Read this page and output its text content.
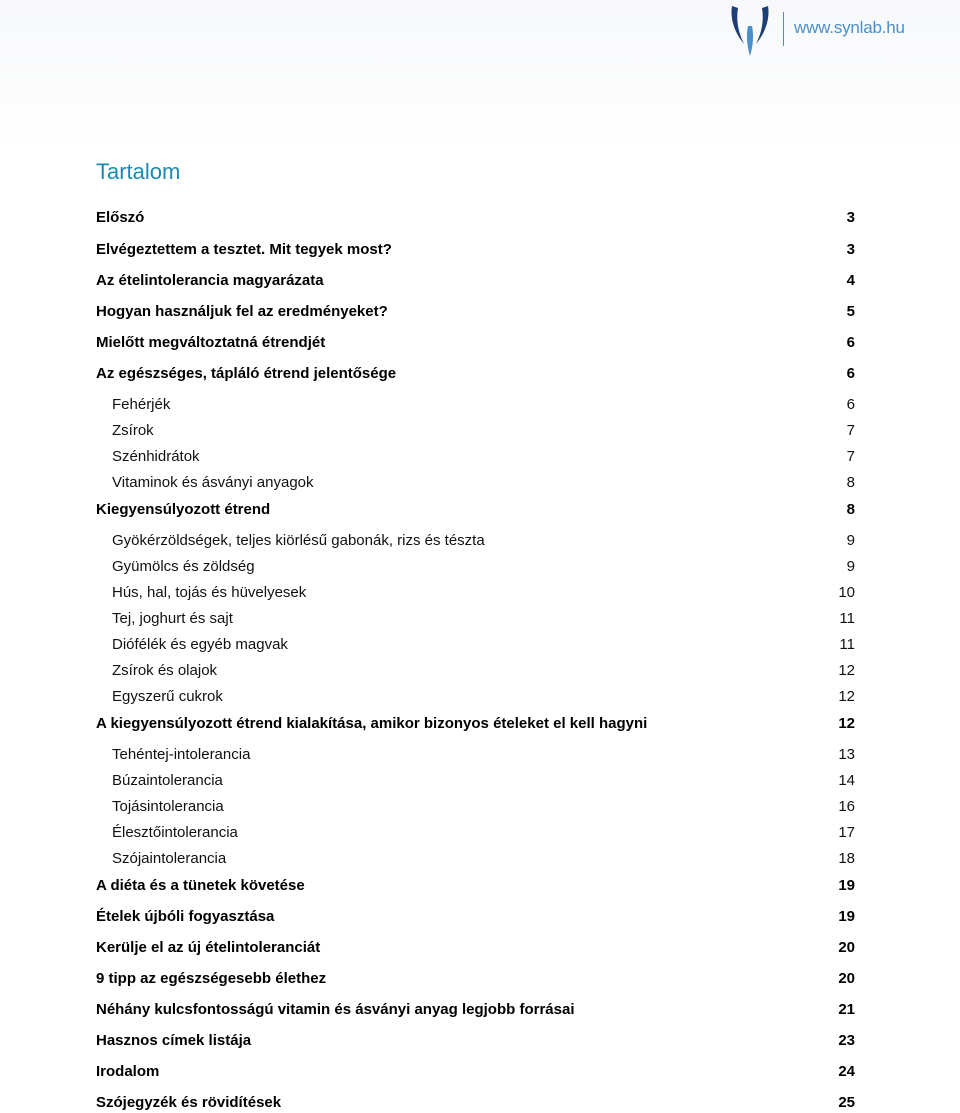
www.synlab.hu
Tartalom
Előszó	3
Elvégeztettem a tesztet. Mit tegyek most?	3
Az ételintolerancia magyarázata	4
Hogyan használjuk fel az eredményeket?	5
Mielőtt megváltoztatná étrendjét	6
Az egészséges, tápláló étrend jelentősége	6
Fehérjék	6
Zsírok	7
Szénhidrátok	7
Vitaminok és ásványi anyagok	8
Kiegyensúlyozott étrend	8
Gyökérzöldségek, teljes kiörlésű gabonák, rizs és tészta	9
Gyümölcs és zöldség	9
Hús, hal, tojás és hüvelyesek	10
Tej, joghurt és sajt	11
Diófélék és egyéb magvak	11
Zsírok és olajok	12
Egyszerű cukrok	12
A kiegyensúlyozott étrend kialakítása, amikor bizonyos ételeket el kell hagyni	12
Tehéntej-intolerancia	13
Búzaintolerancia	14
Tojásintolerancia	16
Élesztőintolerancia	17
Szójaintolerancia	18
A diéta és a tünetek követése	19
Ételek újbóli fogyasztása	19
Kerülje el az új ételintoleranciát	20
9 tipp az egészségesebb élethez	20
Néhány kulcsfontosságú vitamin és ásványi anyag legjobb forrásai	21
Hasznos címek listája	23
Irodalom	24
Szójegyzék és rövidítések	25
